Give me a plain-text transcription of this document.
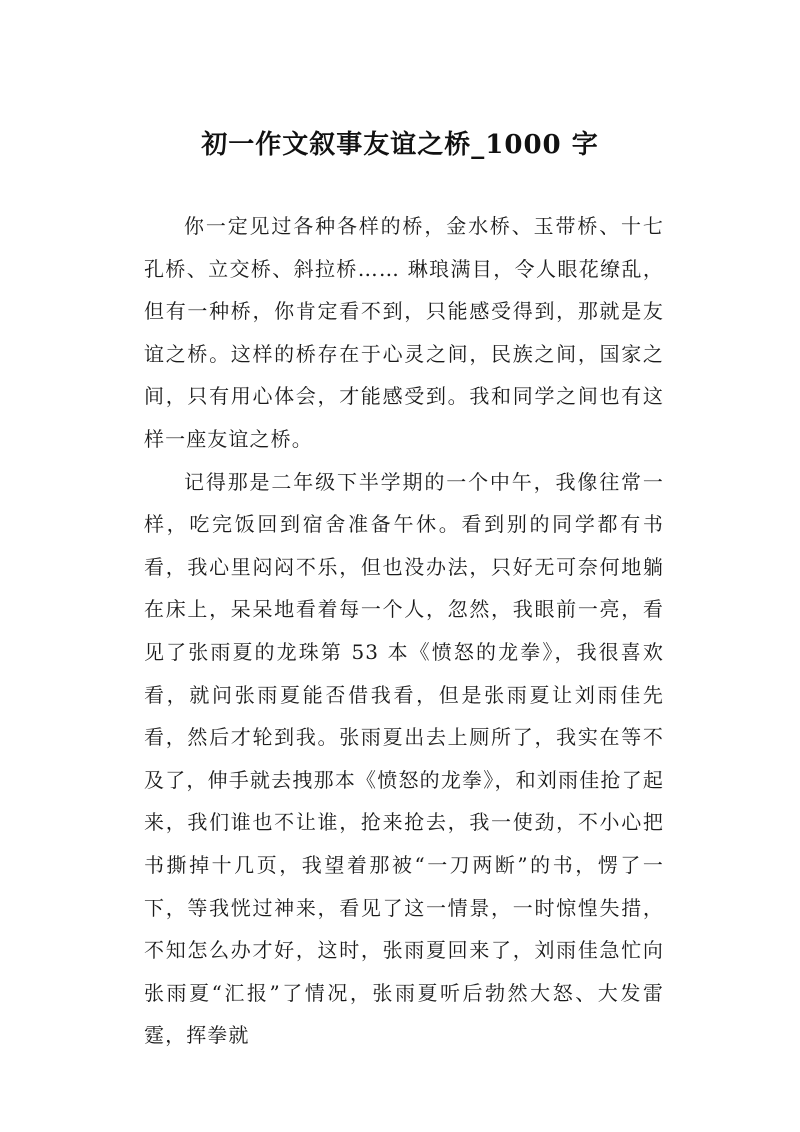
初一作文叙事友谊之桥_1000 字

你一定见过各种各样的桥，金水桥、玉带桥、十七孔桥、立交桥、斜拉桥…… 琳琅满目，令人眼花缭乱，但有一种桥，你肯定看不到，只能感受得到，那就是友谊之桥。这样的桥存在于心灵之间，民族之间，国家之间，只有用心体会，才能感受到。我和同学之间也有这样一座友谊之桥。

记得那是二年级下半学期的一个中午，我像往常一样，吃完饭回到宿舍准备午休。看到别的同学都有书看，我心里闷闷不乐，但也没办法，只好无可奈何地躺在床上，呆呆地看着每一个人，忽然，我眼前一亮，看见了张雨夏的龙珠第 53 本《愤怒的龙拳》，我很喜欢看，就问张雨夏能否借我看，但是张雨夏让刘雨佳先看，然后才轮到我。张雨夏出去上厕所了，我实在等不及了，伸手就去拽那本《愤怒的龙拳》，和刘雨佳抢了起来，我们谁也不让谁，抢来抢去，我一使劲，不小心把书撕掉十几页，我望着那被“一刀两断”的书，愣了一下，等我恍过神来，看见了这一情景，一时惊惶失措，不知怎么办才好，这时，张雨夏回来了，刘雨佳急忙向张雨夏“汇报”了情况，张雨夏听后勃然大怒、大发雷霆，挥拳就
